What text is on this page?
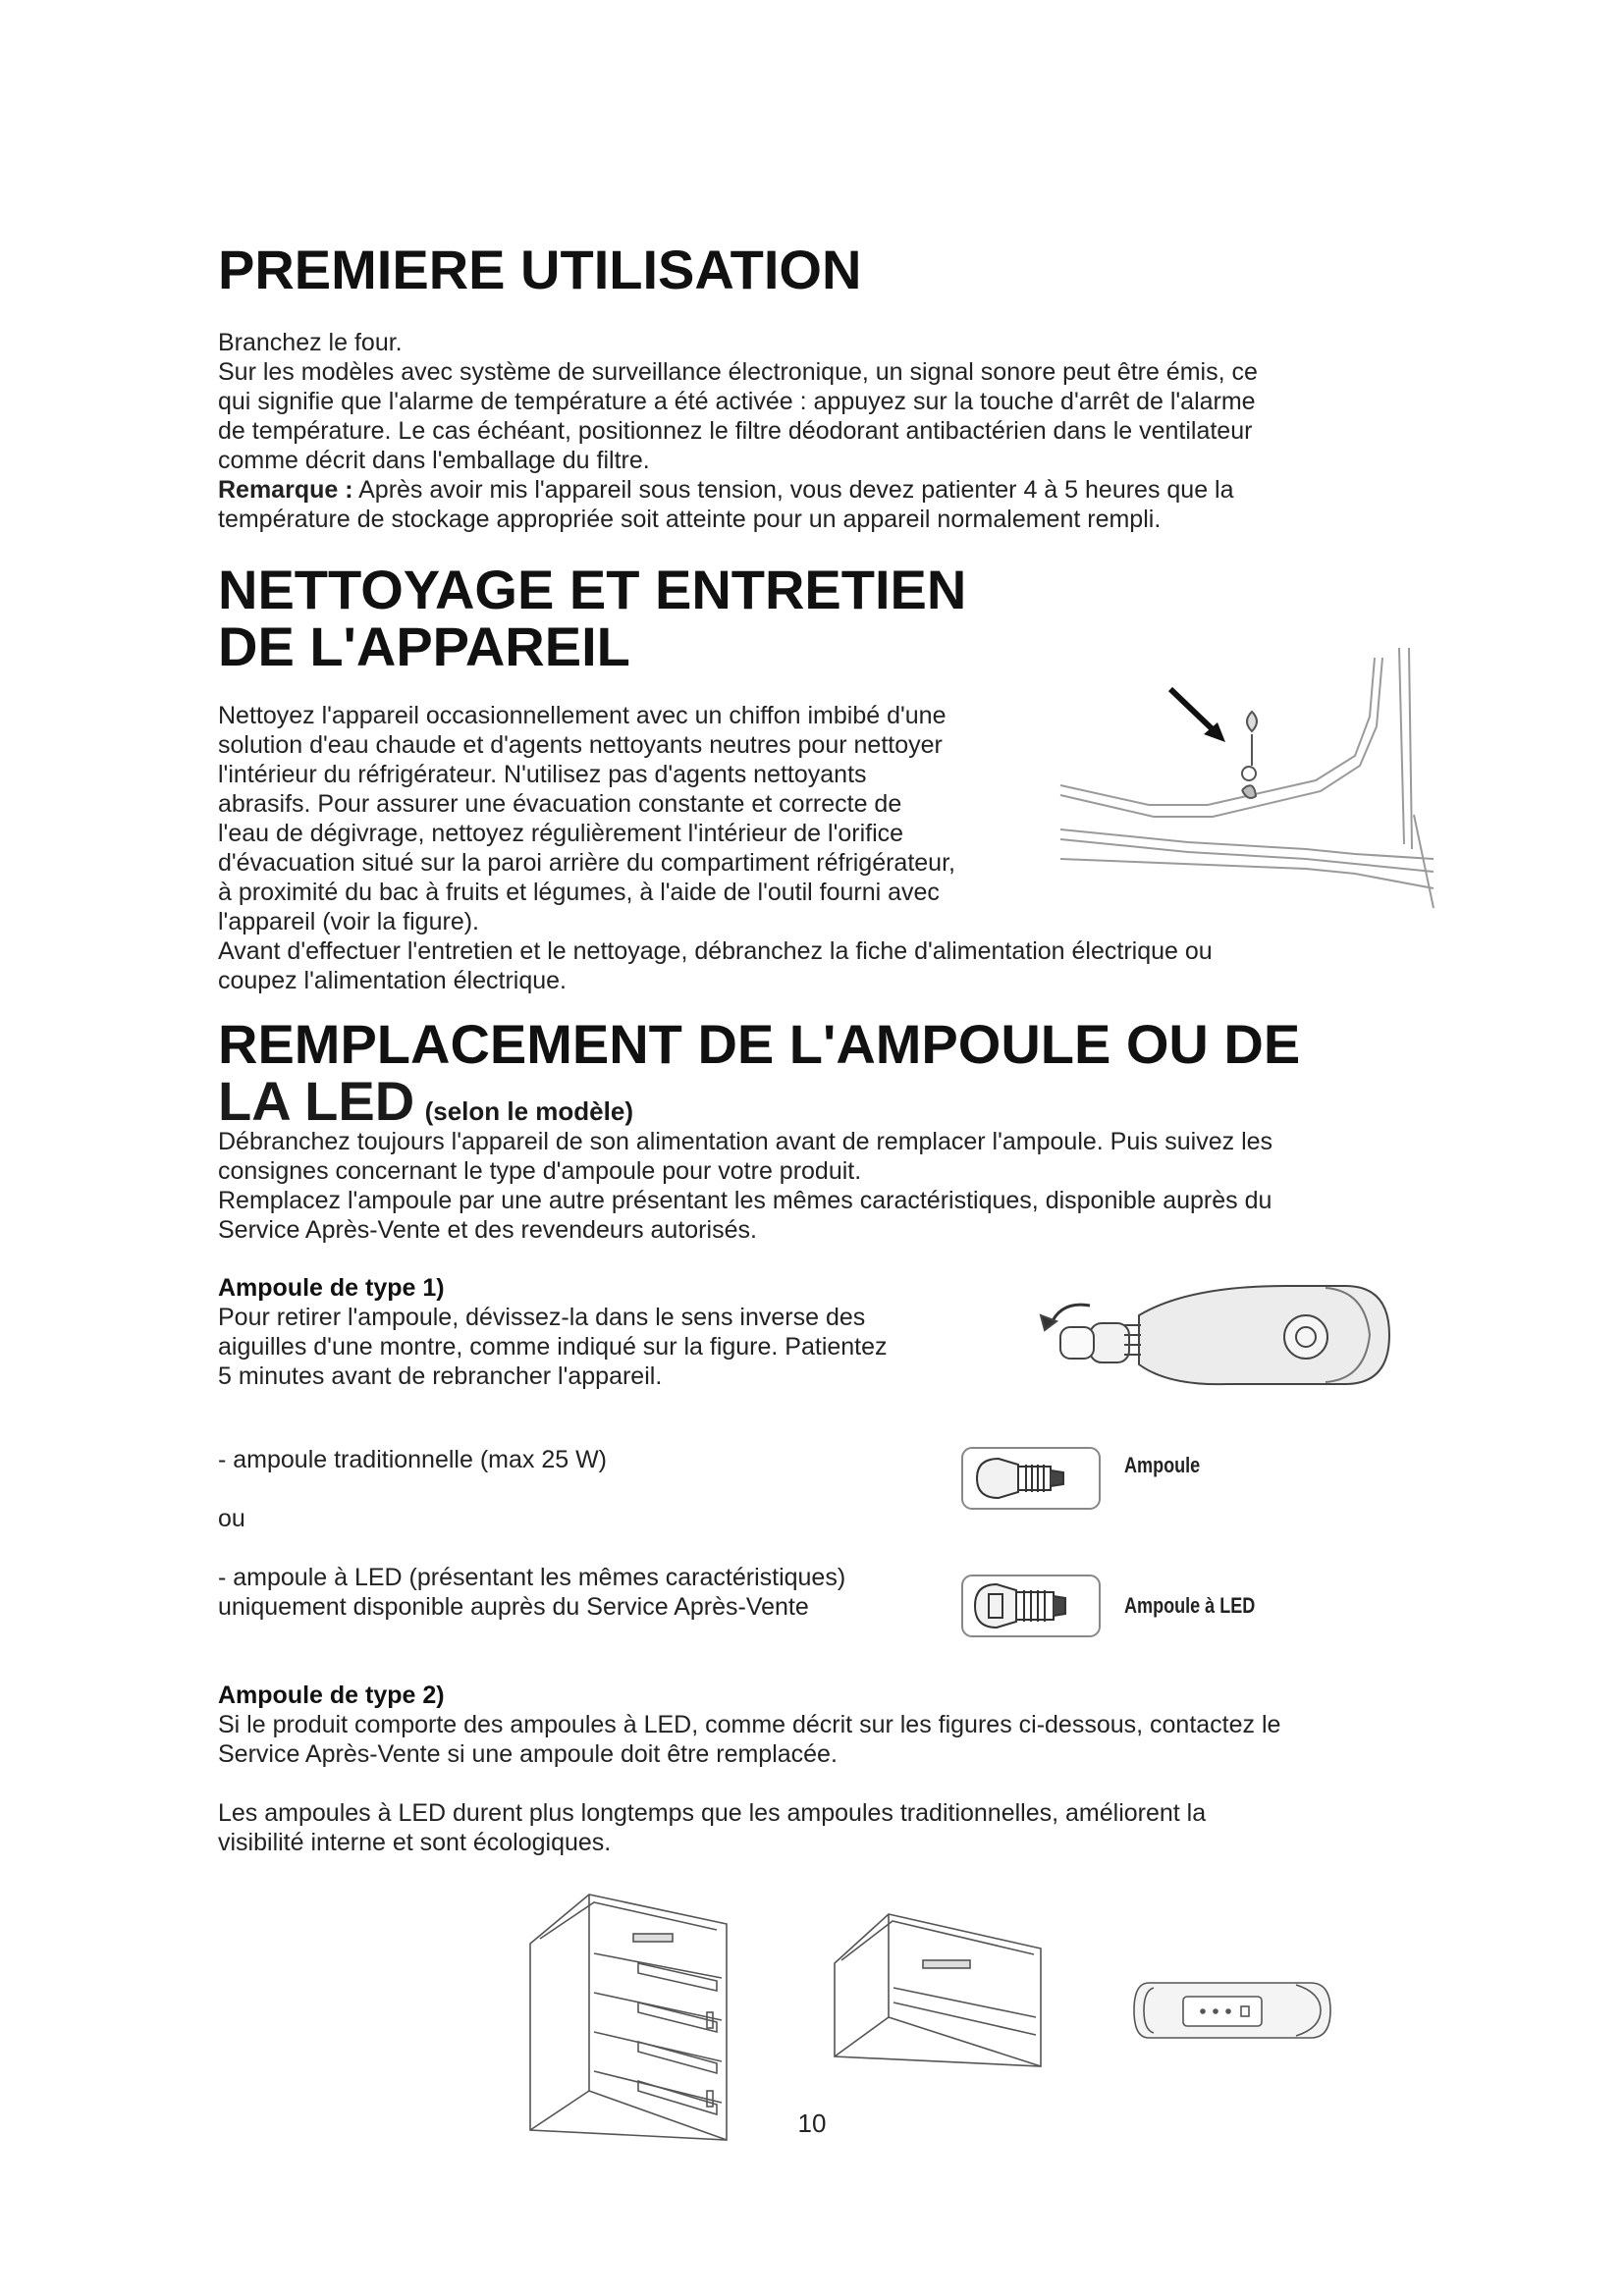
PREMIERE UTILISATION

Branchez le four.

Sur les modèles avec système de surveillance électronique, un signal sonore peut être émis, ce

qui signifie que l'alarme de température a été activée : appuyez sur la touche d'arrêt de l'alarme

de température. Le cas échéant, positionnez le filtre déodorant antibactérien dans le ventilateur

comme décrit dans l'emballage du filtre.

Remarque : Après avoir mis l'appareil sous tension, vous devez patienter 4 à 5 heures que la

température de stockage appropriée soit atteinte pour un appareil normalement rempli.

NETTOYAGE ET ENTRETIEN
DE L'APPAREIL

Nettoyez l'appareil occasionnellement avec un chiffon imbibé d'une

solution d'eau chaude et d'agents nettoyants neutres pour nettoyer

l'intérieur du réfrigérateur. N'utilisez pas d'agents nettoyants

abrasifs. Pour assurer une évacuation constante et correcte de

l'eau de dégivrage, nettoyez régulièrement l'intérieur de l'orifice

d'évacuation situé sur la paroi arrière du compartiment réfrigérateur,

à proximité du bac à fruits et légumes, à l'aide de l'outil fourni avec

l'appareil (voir la figure).

Avant d'effectuer l'entretien et le nettoyage, débranchez la fiche d'alimentation électrique ou

coupez l'alimentation électrique.

REMPLACEMENT DE L'AMPOULE OU DE
LA LED (selon le modèle)

Débranchez toujours l'appareil de son alimentation avant de remplacer l'ampoule. Puis suivez les

consignes concernant le type d'ampoule pour votre produit.

Remplacez l'ampoule par une autre présentant les mêmes caractéristiques, disponible auprès du

Service Après-Vente et des revendeurs autorisés.

Ampoule de type 1)

Pour retirer l'ampoule, dévissez-la dans le sens inverse des

aiguilles d'une montre, comme indiqué sur la figure. Patientez

5 minutes avant de rebrancher l'appareil.

- ampoule traditionnelle (max 25 W)

ou

- ampoule à LED (présentant les mêmes caractéristiques)

uniquement disponible auprès du Service Après-Vente

Ampoule
Ampoule à LED

Ampoule de type 2)

Si le produit comporte des ampoules à LED, comme décrit sur les figures ci-dessous, contactez le

Service Après-Vente si une ampoule doit être remplacée.

Les ampoules à LED durent plus longtemps que les ampoules traditionnelles, améliorent la

visibilité interne et sont écologiques.

10
